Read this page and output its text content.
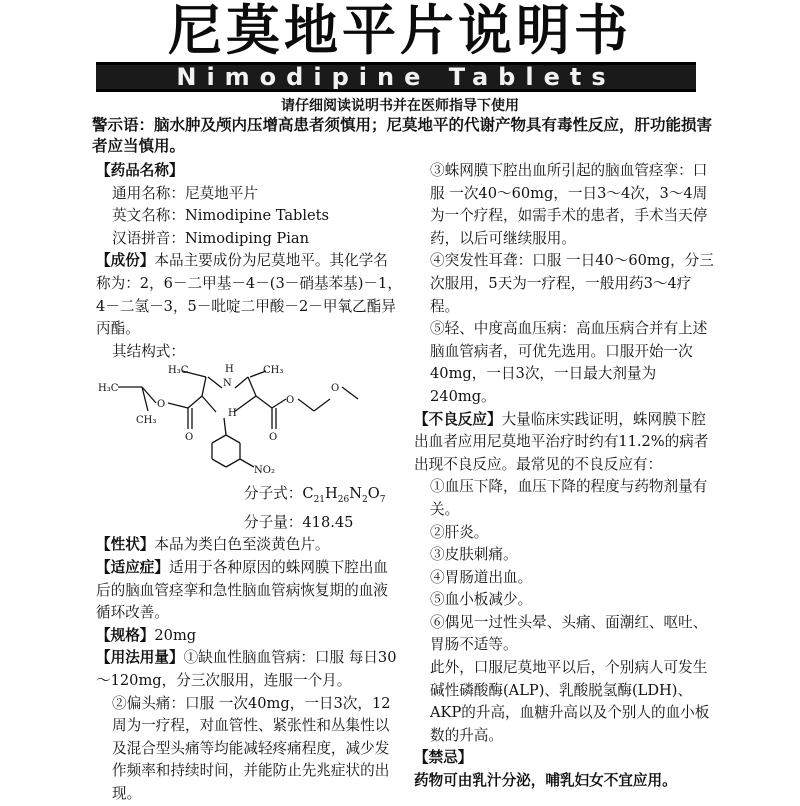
尼莫地平片说明书
Nimodipine Tablets
请仔细阅读说明书并在医师指导下使用
警示语：脑水肿及颅内压增高患者须慎用；尼莫地平的代谢产物具有毒性反应，肝功能损害者应当慎用。

【药品名称】

通用名称：尼莫地平片

英文名称：Nimodipine Tablets

汉语拼音：Nimodiping Pian

【成份】本品主要成份为尼莫地平。其化学名称为：2，6－二甲基－4－(3－硝基苯基)－1，4－二氢－3，5－吡啶二甲酸－2－甲氧乙酯异丙酯。

其结构式：

H₃C
N
H	CH₃
H₃C
CH₃
O
O	O
O
O
H
NO₂

分子式：$C_{21}H_{26}N_2O_7$

分子量：418.45

【性状】本品为类白色至淡黄色片。

【适应症】适用于各种原因的蛛网膜下腔出血后的脑血管痉挛和急性脑血管病恢复期的血液循环改善。

【规格】20mg

【用法用量】①缺血性脑血管病：口服 每日30～120mg，分三次服用，连服一个月。

②偏头痛：口服 一次40mg，一日3次，12周为一疗程，对血管性、紧张性和丛集性以及混合型头痛等均能减轻疼痛程度，减少发作频率和持续时间，并能防止先兆症状的出现。

③蛛网膜下腔出血所引起的脑血管痉挛：口服 一次40～60mg，一日3～4次，3～4周为一个疗程，如需手术的患者，手术当天停药，以后可继续服用。

④突发性耳聋：口服 一日40～60mg，分三次服用，5天为一疗程，一般用药3～4疗程。

⑤轻、中度高血压病：高血压病合并有上述脑血管病者，可优先选用。口服开始一次40mg，一日3次，一日最大剂量为240mg。

【不良反应】大量临床实践证明，蛛网膜下腔出血者应用尼莫地平治疗时约有11.2%的病者出现不良反应。最常见的不良反应有：

①血压下降，血压下降的程度与药物剂量有关。

②肝炎。

③皮肤刺痛。

④胃肠道出血。

⑤血小板减少。

⑥偶见一过性头晕、头痛、面潮红、呕吐、胃肠不适等。

此外，口服尼莫地平以后，个别病人可发生碱性磷酸酶(ALP)、乳酸脱氢酶(LDH)、AKP的升高，血糖升高以及个别人的血小板数的升高。

【禁忌】

药物可由乳汁分泌，哺乳妇女不宜应用。
